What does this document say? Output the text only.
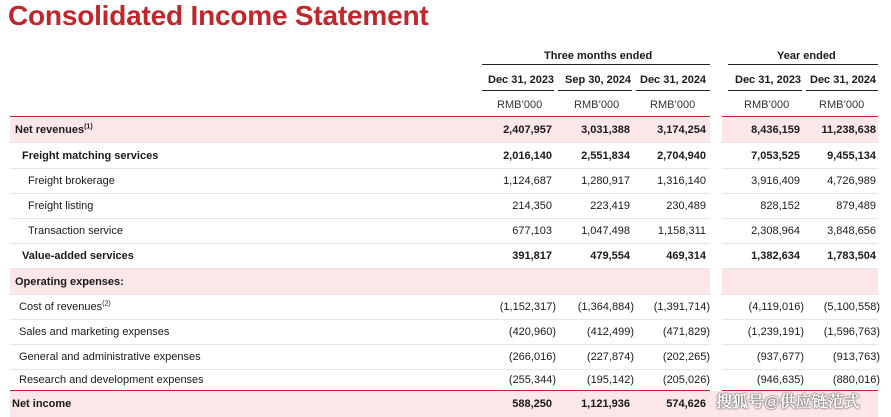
Consolidated Income Statement
Three months ended	Year ended
Dec 31, 2023 Sep 30, 2024 Dec 31, 2024	Dec 31, 2023 Dec 31, 2024
RMB’000	RMB’000	RMB’000	RMB’000	RMB’000
Net revenues$^{(1)}$	2,407,957	3,031,388 3,174,254	8,436,159 11,238,638
Freight matching services	2,016,140	2,551,834 2,704,940	7,053,525 9,455,134
Freight brokerage	1,124,687	1,280,917 1,316,140	3,916,409 4,726,989
Freight listing	214,350	223,419	230,489	828,152	879,489
Transaction service	677,103	1,047,498	1,158,311	2,308,964 3,848,656
Value-added services	391,817	479,554	469,314	1,382,634 1,783,504
Operating expenses:
Cost of revenues$^{(2)}$	(1,152,317) (1,364,884) (1,391,714)	(4,119,016) (5,100,558)
Sales and marketing expenses	(420,960)	(412,499)	(471,829)	(1,239,191) (1,596,763)
General and administrative expenses	(266,016)	(227,874)	(202,265)	(937,677)	(913,763)
Research and development expenses	(255,344)	(195,142)	(205,026)	(946,635)	(880,016)
Net income	588,250	1,121,936	574,626 搜狐号@供应链范式
